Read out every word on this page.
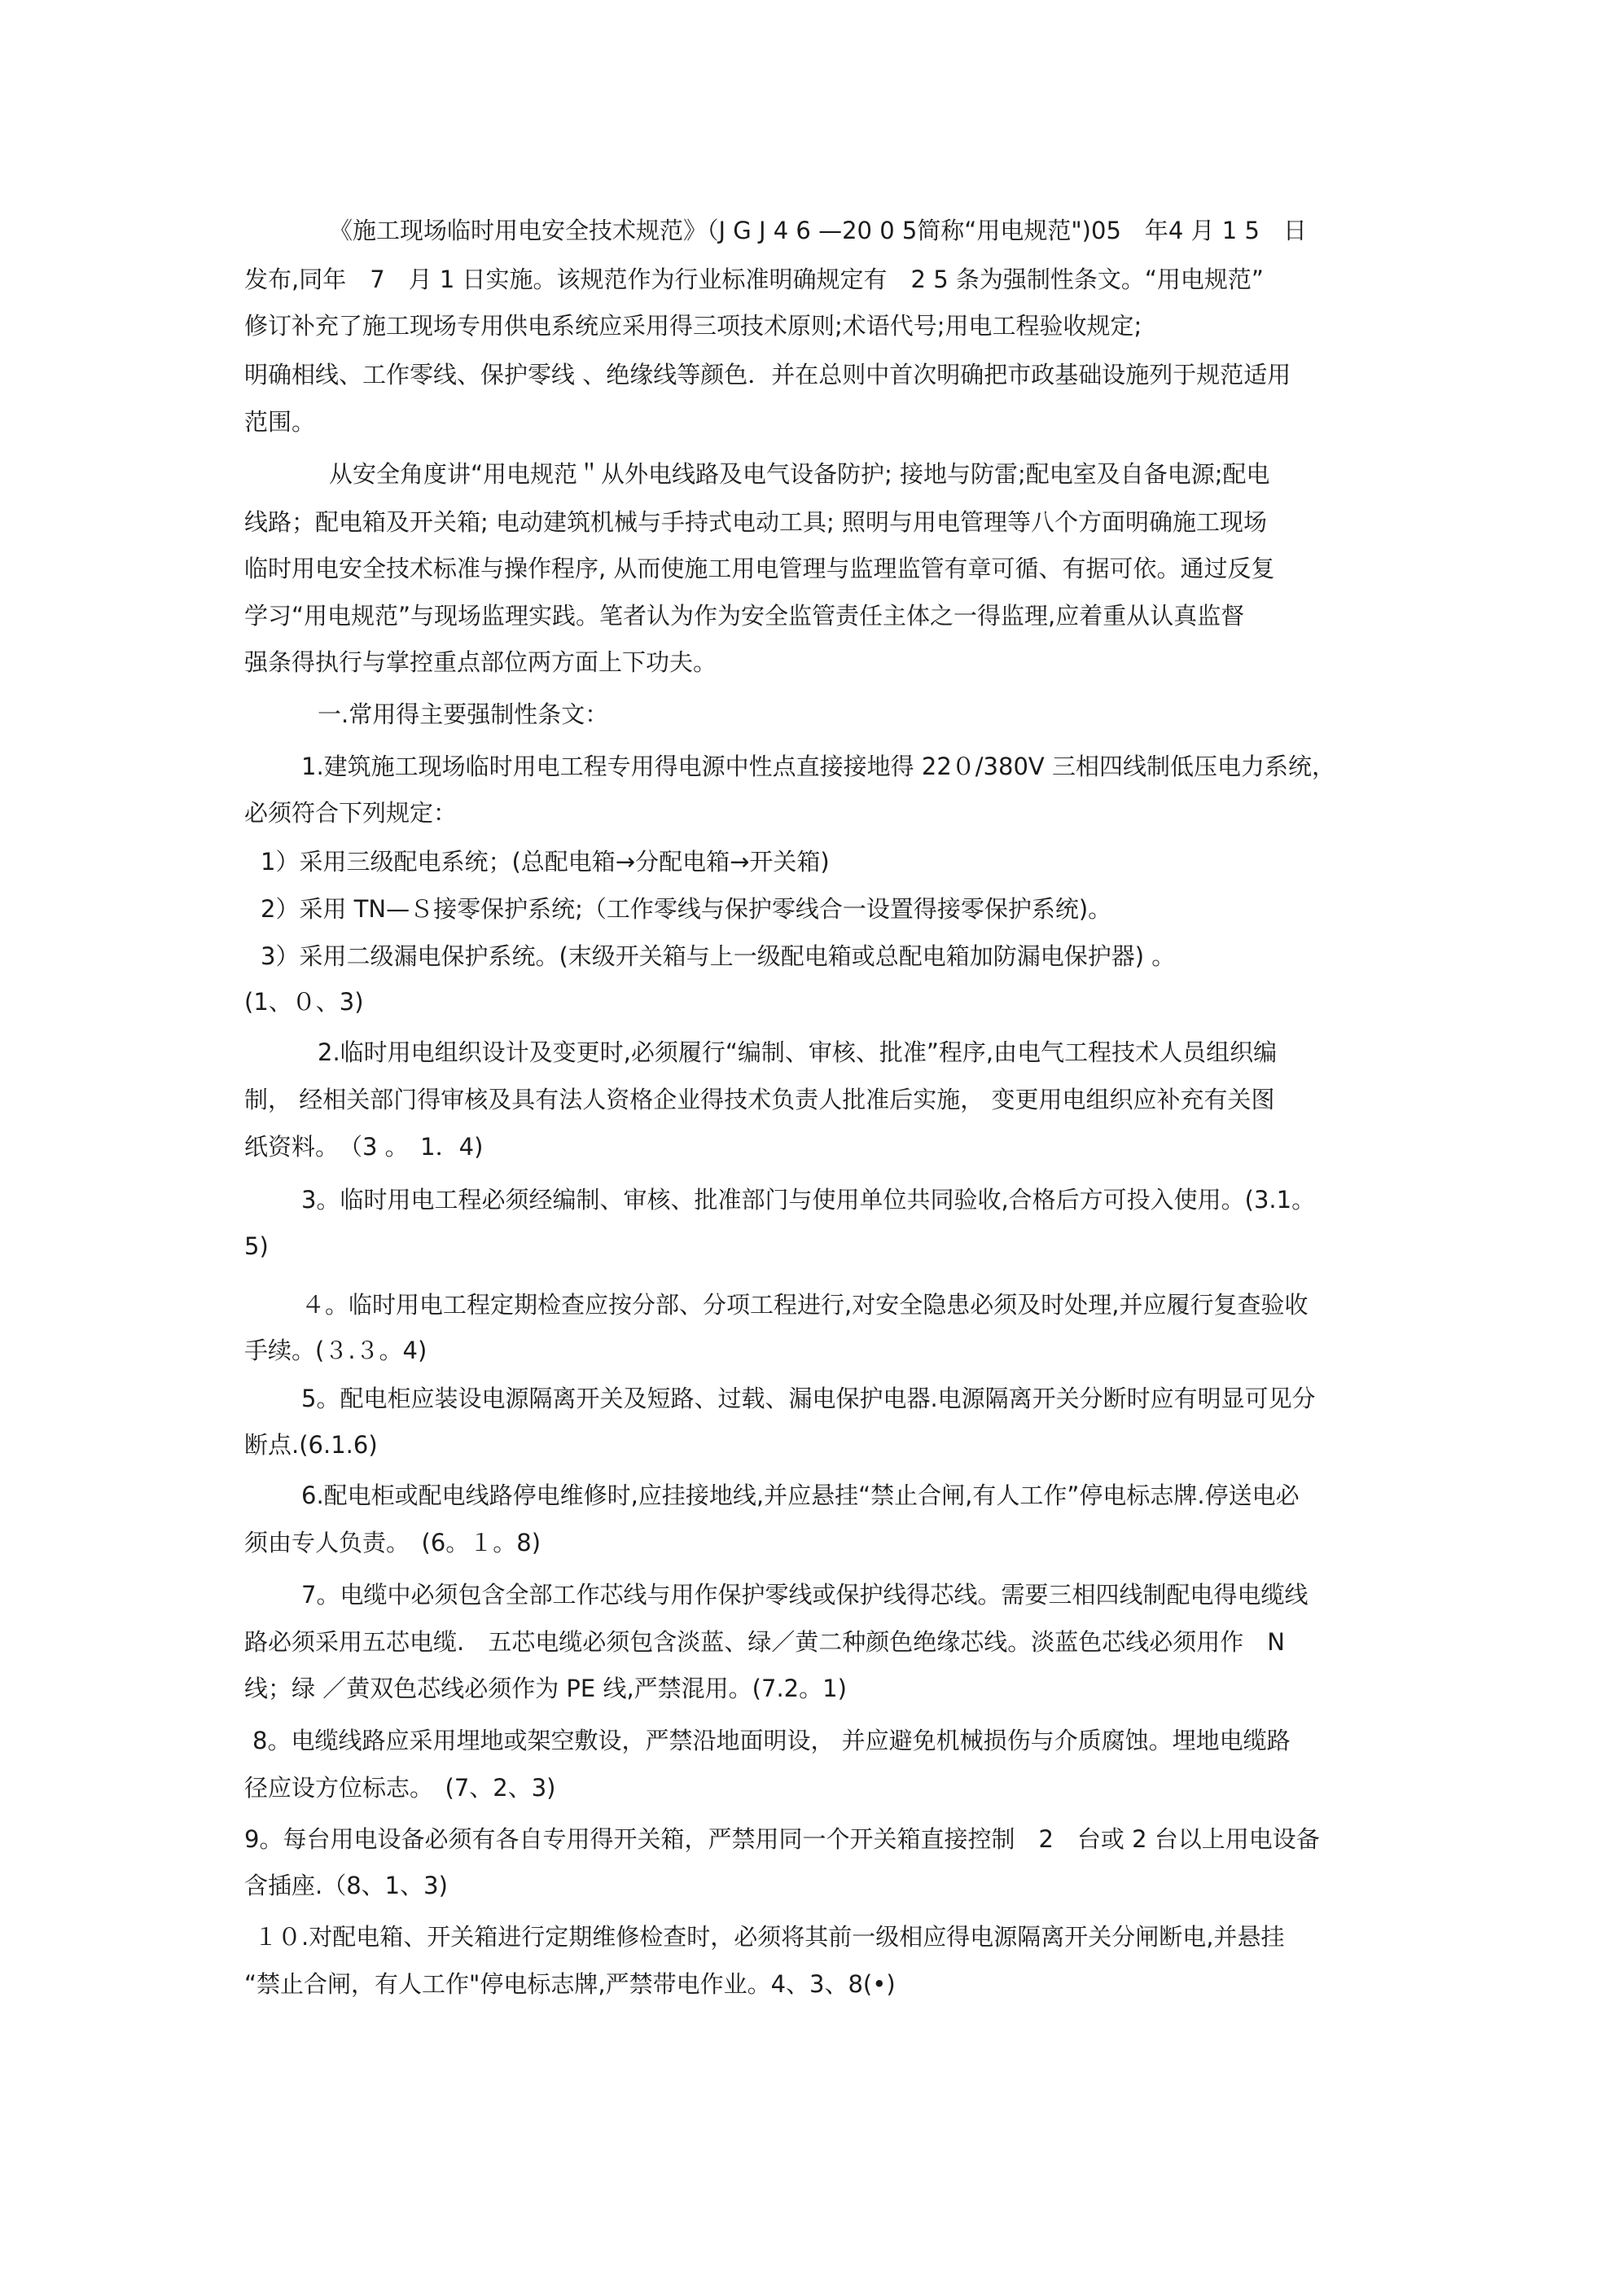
《施工现场临时用电安全技术规范》（J G J 4 6 —20 0 5简称“用电规范")05　年4 月 1 5　日

发布,同年　7　月 1 日实施。该规范作为行业标准明确规定有　2 5 条为强制性条文。“用电规范”

修订补充了施工现场专用供电系统应采用得三项技术原则;术语代号;用电工程验收规定;

明确相线、工作零线、保护零线 、绝缘线等颜色．并在总则中首次明确把市政基础设施列于规范适用

范围。

从安全角度讲“用电规范＂从外电线路及电气设备防护; 接地与防雷;配电室及自备电源;配电

线路；配电箱及开关箱; 电动建筑机械与手持式电动工具; 照明与用电管理等八个方面明确施工现场

临时用电安全技术标准与操作程序, 从而使施工用电管理与监理监管有章可循、有据可依。通过反复

学习“用电规范”与现场监理实践。笔者认为作为安全监管责任主体之一得监理,应着重从认真监督

强条得执行与掌控重点部位两方面上下功夫。

一.常用得主要强制性条文：

1.建筑施工现场临时用电工程专用得电源中性点直接接地得 22０/380V 三相四线制低压电力系统，

必须符合下列规定：

1）采用三级配电系统；(总配电箱→分配电箱→开关箱)

2）采用 TN—Ｓ接零保护系统;（工作零线与保护零线合一设置得接零保护系统)。

3）采用二级漏电保护系统。(末级开关箱与上一级配电箱或总配电箱加防漏电保护器) 。

(1、０、3)

2.临时用电组织设计及变更时,必须履行“编制、审核、批准”程序,由电气工程技术人员组织编

制， 经相关部门得审核及具有法人资格企业得技术负责人批准后实施， 变更用电组织应补充有关图

纸资料。　（3 。　1．4)

3。临时用电工程必须经编制、审核、批准部门与使用单位共同验收,合格后方可投入使用。(3.1。

5)

４。临时用电工程定期检查应按分部、分项工程进行,对安全隐患必须及时处理,并应履行复查验收

手续。(３.３。4)

5。配电柜应装设电源隔离开关及短路、过载、漏电保护电器.电源隔离开关分断时应有明显可见分

断点.(6.1.6)

6.配电柜或配电线路停电维修时,应挂接地线,并应悬挂“禁止合闸,有人工作”停电标志牌.停送电必

须由专人负责。　(6。１。8)

7。电缆中必须包含全部工作芯线与用作保护零线或保护线得芯线。需要三相四线制配电得电缆线

路必须采用五芯电缆.　五芯电缆必须包含淡蓝、绿／黄二种颜色绝缘芯线。淡蓝色芯线必须用作　N

线；绿 ／黄双色芯线必须作为 PE 线,严禁混用。(7.2。1)

8。电缆线路应采用埋地或架空敷设，严禁沿地面明设， 并应避免机械损伤与介质腐蚀。埋地电缆路

径应设方位标志。　(7、2、3)

9。每台用电设备必须有各自专用得开关箱，严禁用同一个开关箱直接控制　2　台或 2 台以上用电设备

含插座.（8、1、3)

１０.对配电箱、开关箱进行定期维修检查时，必须将其前一级相应得电源隔离开关分闸断电,并悬挂

“禁止合闸，有人工作"停电标志牌,严禁带电作业。4、3、8(•)
